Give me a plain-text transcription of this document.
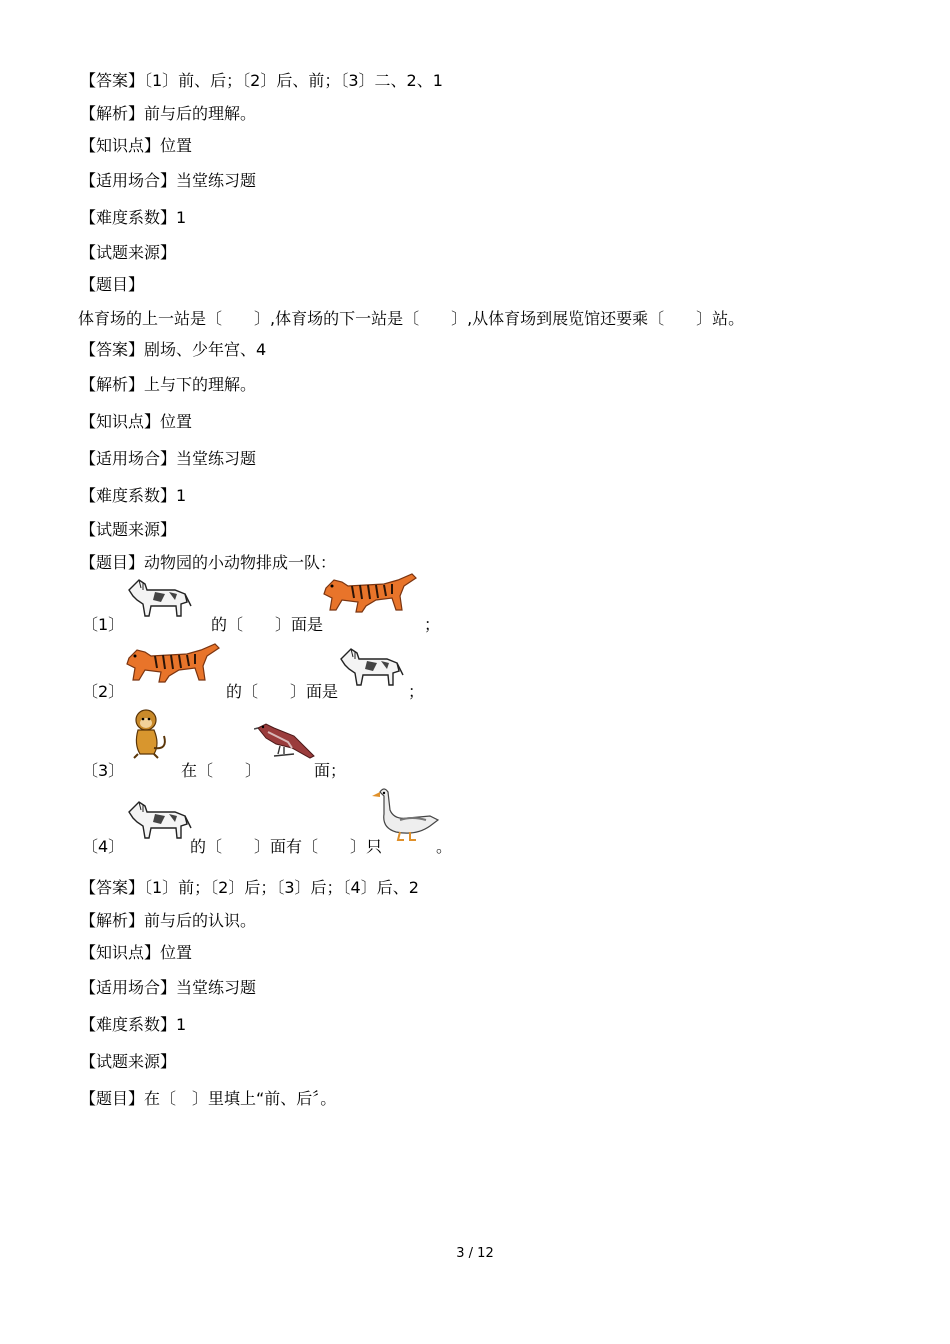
【答案】〔1〕前、后；〔2〕后、前；〔3〕二、2、1
【解析】前与后的理解。
【知识点】位置
【适用场合】当堂练习题
【难度系数】1
【试题来源】
【题目】
体育场的上一站是〔　　〕,体育场的下一站是〔　　〕,从体育场到展览馆还要乘〔　　〕站。
【答案】剧场、少年宫、4
【解析】上与下的理解。
【知识点】位置
【适用场合】当堂练习题
【难度系数】1
【试题来源】
【题目】动物园的小动物排成一队：
〔1〕	的〔　　〕面是	；
〔2〕	的〔　　〕面是	；
〔3〕	在〔　　〕	面；
〔4〕	的〔　　〕面有〔　　〕只	。
【答案】〔1〕前；〔2〕后；〔3〕后；〔4〕后、2
【解析】前与后的认识。
【知识点】位置
【适用场合】当堂练习题
【难度系数】1
【试题来源】
【题目】在〔　〕里填上“前、后〞。
3 / 12
